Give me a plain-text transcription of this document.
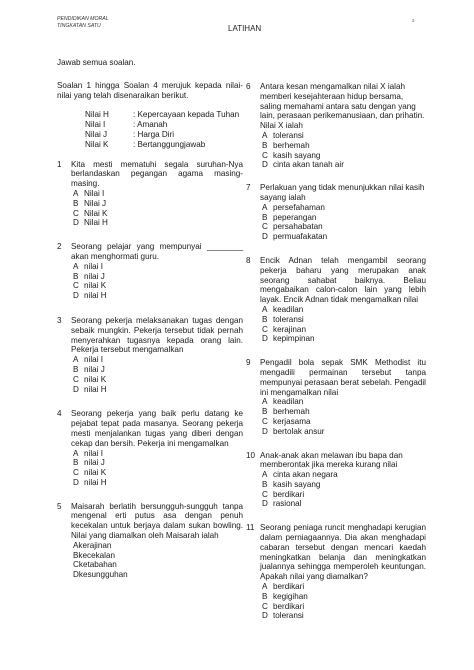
PENDIDIKAN MORAL
TINGKATAN SATU	LATIHAN
2
Jawab semua soalan.
Soalan 1 hingga Soalan 4 merujuk kepada nilai-nilai yang telah disenaraikan berikut.
Nilai H	: Kepercayaan kepada Tuhan
Nilai I	: Amanah
Nilai J	: Harga Diri
Nilai K	: Bertanggungjawab
1	Kita mesti mematuhi segala suruhan-Nya berlandaskan pegangan agama masing-masing.
A Nilai I
B Nilai J
C Nilai K
D Nilai H
2	Seorang pelajar yang mempunyai ________ akan menghormati guru.
A nilai I
B nilai J
C nilai K
D nilai H
3	Seorang pekerja melaksanakan tugas dengan sebaik mungkin. Pekerja tersebut tidak pernah menyerahkan tugasnya kepada orang lain. Pekerja tersebut mengamalkan
A nilai I
B nilai J
C nilai K
D nilai H
4	Seorang pekerja yang baik perlu datang ke pejabat tepat pada masanya. Seorang pekerja mesti menjalankan tugas yang diberi dengan cekap dan bersih. Pekerja ini mengamalkan
A nilai I
B nilai J
C nilai K
D nilai H
5	Maisarah berlatih bersungguh-sungguh tanpa mengenal erti putus asa dengan penuh kecekalan untuk berjaya dalam sukan bowling. Nilai yang diamalkan oleh Maisarah ialah
Akerajinan
Bkecekalan
Cketabahan
Dkesungguhan
6	Antara kesan mengamalkan nilai X ialah memberi kesejahteraan hidup bersama, saling memahami antara satu dengan yang lain, perasaan perikemanusiaan, dan prihatin. Nilai X ialah
A toleransi
B berhemah
C kasih sayang
D cinta akan tanah air
7	Perlakuan yang tidak menunjukkan nilai kasih sayang ialah
A persefahaman
B peperangan
C persahabatan
D permuafakatan
8	Encik Adnan telah mengambil seorang pekerja baharu yang merupakan anak seorang sahabat baiknya. Beliau mengabaikan calon-calon lain yang lebih layak. Encik Adnan tidak mengamalkan nilai
A keadilan
B toleransi
C kerajinan
D kepimpinan
9	Pengadil bola sepak SMK Methodist itu mengadili permainan tersebut tanpa mempunyai perasaan berat sebelah. Pengadil ini mengamalkan nilai
A keadilan
B berhemah
C kerjasama
D bertolak ansur
10 Anak-anak akan melawan ibu bapa dan memberontak jika mereka kurang nilai
A cinta akan negara
B kasih sayang
C berdikari
D rasional
11 Seorang peniaga runcit menghadapi kerugian dalam perniagaannya. Dia akan menghadapi cabaran tersebut dengan mencari kaedah meningkatkan belanja dan meningkatkan jualannya sehingga memperoleh keuntungan. Apakah nilai yang diamalkan?
A berdikari
B kegigihan
C berdikari
D toleransi
